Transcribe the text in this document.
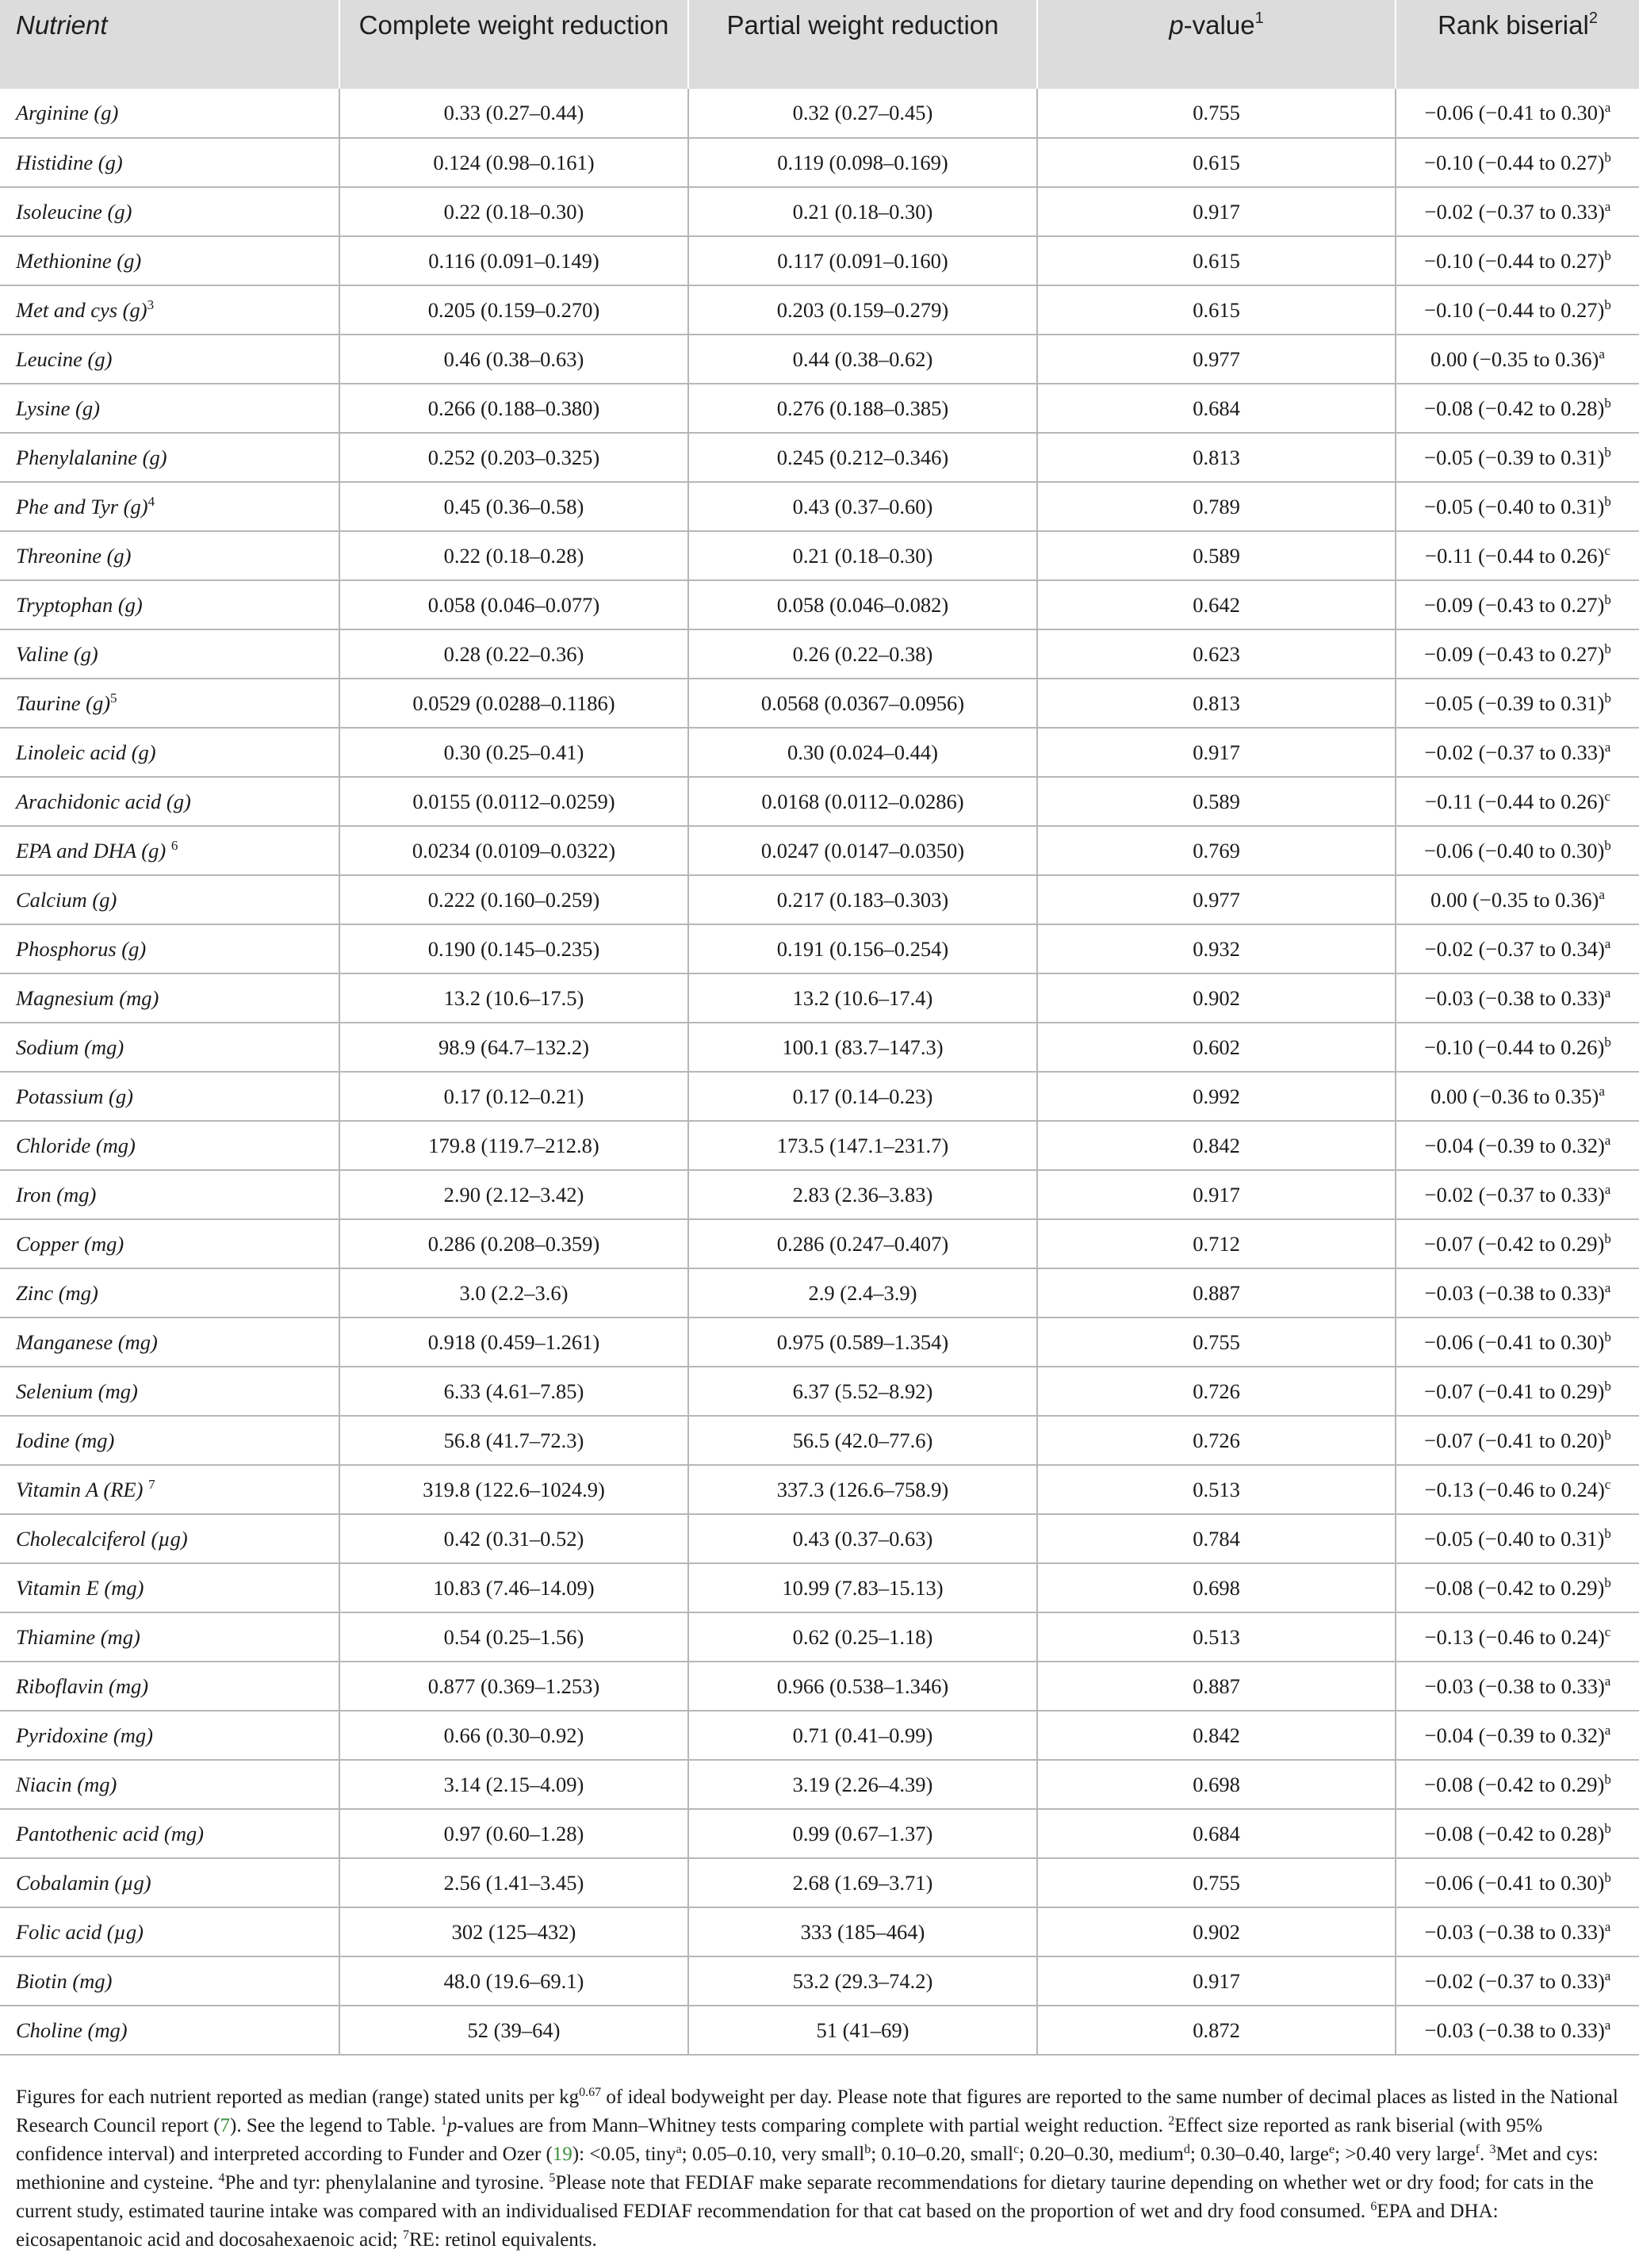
Nutrient	Complete weight reduction	Partial weight reduction	p-value$^1$	Rank biserial$^2$
Arginine (g)	0.33 (0.27–0.44)	0.32 (0.27–0.45)	0.755	−0.06 (−0.41 to 0.30)$^a$
Histidine (g)	0.124 (0.98–0.161)	0.119 (0.098–0.169)	0.615	−0.10 (−0.44 to 0.27)$^b$
Isoleucine (g)	0.22 (0.18–0.30)	0.21 (0.18–0.30)	0.917	−0.02 (−0.37 to 0.33)$^a$
Methionine (g)	0.116 (0.091–0.149)	0.117 (0.091–0.160)	0.615	−0.10 (−0.44 to 0.27)$^b$
Met and cys $(g)^3$	0.205 (0.159–0.270)	0.203 (0.159–0.279)	0.615	−0.10 (−0.44 to 0.27)$^b$
Leucine (g)	0.46 (0.38–0.63)	0.44 (0.38–0.62)	0.977	0.00 (−0.35 to 0.36)$^a$
Lysine (g)	0.266 (0.188–0.380)	0.276 (0.188–0.385)	0.684	−0.08 (−0.42 to 0.28)$^b$
Phenylalanine (g)	0.252 (0.203–0.325)	0.245 (0.212–0.346)	0.813	−0.05 (−0.39 to 0.31)$^b$
Phe and Tyr $(g)^4$	0.45 (0.36–0.58)	0.43 (0.37–0.60)	0.789	−0.05 (−0.40 to 0.31)$^b$
Threonine (g)	0.22 (0.18–0.28)	0.21 (0.18–0.30)	0.589	−0.11 (−0.44 to 0.26)$^c$
Tryptophan (g)	0.058 (0.046–0.077)	0.058 (0.046–0.082)	0.642	−0.09 (−0.43 to 0.27)$^b$
Valine (g)	0.28 (0.22–0.36)	0.26 (0.22–0.38)	0.623	−0.09 (−0.43 to 0.27)$^b$
Taurine $(g)^5$	0.0529 (0.0288–0.1186)	0.0568 (0.0367–0.0956)	0.813	−0.05 (−0.39 to 0.31)$^b$
Linoleic acid (g)	0.30 (0.25–0.41)	0.30 (0.024–0.44)	0.917	−0.02 (−0.37 to 0.33)$^a$
Arachidonic acid (g)	0.0155 (0.0112–0.0259)	0.0168 (0.0112–0.0286)	0.589	−0.11 (−0.44 to 0.26)$^c$
EPA and DHA (g) $^6$	0.0234 (0.0109–0.0322)	0.0247 (0.0147–0.0350)	0.769	−0.06 (−0.40 to 0.30)$^b$
Calcium (g)	0.222 (0.160–0.259)	0.217 (0.183–0.303)	0.977	0.00 (−0.35 to 0.36)$^a$
Phosphorus (g)	0.190 (0.145–0.235)	0.191 (0.156–0.254)	0.932	−0.02 (−0.37 to 0.34)$^a$
Magnesium (mg)	13.2 (10.6–17.5)	13.2 (10.6–17.4)	0.902	−0.03 (−0.38 to 0.33)$^a$
Sodium (mg)	98.9 (64.7–132.2)	100.1 (83.7–147.3)	0.602	−0.10 (−0.44 to 0.26)$^b$
Potassium (g)	0.17 (0.12–0.21)	0.17 (0.14–0.23)	0.992	0.00 (−0.36 to 0.35)$^a$
Chloride (mg)	179.8 (119.7–212.8)	173.5 (147.1–231.7)	0.842	−0.04 (−0.39 to 0.32)$^a$
Iron (mg)	2.90 (2.12–3.42)	2.83 (2.36–3.83)	0.917	−0.02 (−0.37 to 0.33)$^a$
Copper (mg)	0.286 (0.208–0.359)	0.286 (0.247–0.407)	0.712	−0.07 (−0.42 to 0.29)$^b$
Zinc (mg)	3.0 (2.2–3.6)	2.9 (2.4–3.9)	0.887	−0.03 (−0.38 to 0.33)$^a$
Manganese (mg)	0.918 (0.459–1.261)	0.975 (0.589–1.354)	0.755	−0.06 (−0.41 to 0.30)$^b$
Selenium (mg)	6.33 (4.61–7.85)	6.37 (5.52–8.92)	0.726	−0.07 (−0.41 to 0.29)$^b$
Iodine (mg)	56.8 (41.7–72.3)	56.5 (42.0–77.6)	0.726	−0.07 (−0.41 to 0.20)$^b$
Vitamin A (RE) $^7$	319.8 (122.6–1024.9)	337.3 (126.6–758.9)	0.513	−0.13 (−0.46 to 0.24)$^c$
Cholecalciferol (µg)	0.42 (0.31–0.52)	0.43 (0.37–0.63)	0.784	−0.05 (−0.40 to 0.31)$^b$
Vitamin E (mg)	10.83 (7.46–14.09)	10.99 (7.83–15.13)	0.698	−0.08 (−0.42 to 0.29)$^b$
Thiamine (mg)	0.54 (0.25–1.56)	0.62 (0.25–1.18)	0.513	−0.13 (−0.46 to 0.24)$^c$
Riboflavin (mg)	0.877 (0.369–1.253)	0.966 (0.538–1.346)	0.887	−0.03 (−0.38 to 0.33)$^a$
Pyridoxine (mg)	0.66 (0.30–0.92)	0.71 (0.41–0.99)	0.842	−0.04 (−0.39 to 0.32)$^a$
Niacin (mg)	3.14 (2.15–4.09)	3.19 (2.26–4.39)	0.698	−0.08 (−0.42 to 0.29)$^b$
Pantothenic acid (mg)	0.97 (0.60–1.28)	0.99 (0.67–1.37)	0.684	−0.08 (−0.42 to 0.28)$^b$
Cobalamin (µg)	2.56 (1.41–3.45)	2.68 (1.69–3.71)	0.755	−0.06 (−0.41 to 0.30)$^b$
Folic acid (µg)	302 (125–432)	333 (185–464)	0.902	−0.03 (−0.38 to 0.33)$^a$
Biotin (mg)	48.0 (19.6–69.1)	53.2 (29.3–74.2)	0.917	−0.02 (−0.37 to 0.33)$^a$
Choline (mg)	52 (39–64)	51 (41–69)	0.872	−0.03 (−0.38 to 0.33)$^a$
Figures for each nutrient reported as median (range) stated units per $kg^{0.67}$ of ideal bodyweight per day. Please note that figures are reported to the same number of decimal places as listed in the National Research Council report (7). See the legend to Table. $^1$p-values are from Mann–Whitney tests comparing complete with partial weight reduction. $^2$Effect size reported as rank biserial (with 95% confidence interval) and interpreted according to Funder and Ozer (19): <0.05, tiny$^a$; 0.05–0.10, very small$^b$; 0.10–0.20, small$^c$; 0.20–0.30, medium$^d$; 0.30–0.40, large$^e$; >0.40 very large$^f$. $^3$Met and cys: methionine and cysteine. $^4$Phe and tyr: phenylalanine and tyrosine. $^5$Please note that FEDIAF make separate recommendations for dietary taurine depending on whether wet or dry food; for cats in the current study, estimated taurine intake was compared with an individualised FEDIAF recommendation for that cat based on the proportion of wet and dry food consumed. $^6$EPA and DHA: eicosapentanoic acid and docosahexaenoic acid; $^7$RE: retinol equivalents.
